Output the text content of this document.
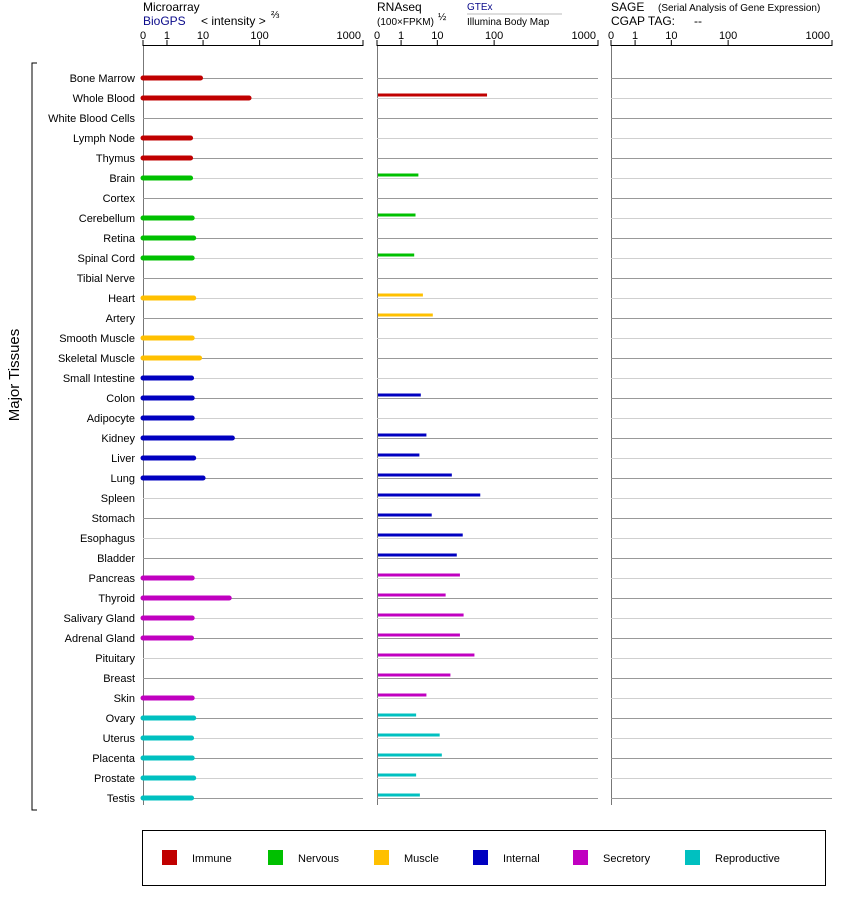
Microarray
BioGPS < intensity > ⅔
RNAseq
(100×FPKM) ½
GTEx
Illumina Body Map
SAGE (Serial Analysis of Gene Expression)
CGAP TAG: --
Major Tissues
0 1 10	100	1000 0 1 10	100	1000 0 1 10	100	1000
Bone Marrow
Whole Blood
White Blood Cells
Lymph Node
Thymus
Brain
Cortex
Cerebellum
Retina
Spinal Cord
Tibial Nerve
Heart
Artery
Smooth Muscle
Skeletal Muscle
Small Intestine
Colon
Adipocyte
Kidney
Liver
Lung
Spleen
Stomach
Esophagus
Bladder
Pancreas
Thyroid
Salivary Gland
Adrenal Gland
Pituitary
Breast
Skin
Ovary
Uterus
Placenta
Prostate
Testis
Immune	Nervous	Muscle	Internal	Secretory	Reproductive
